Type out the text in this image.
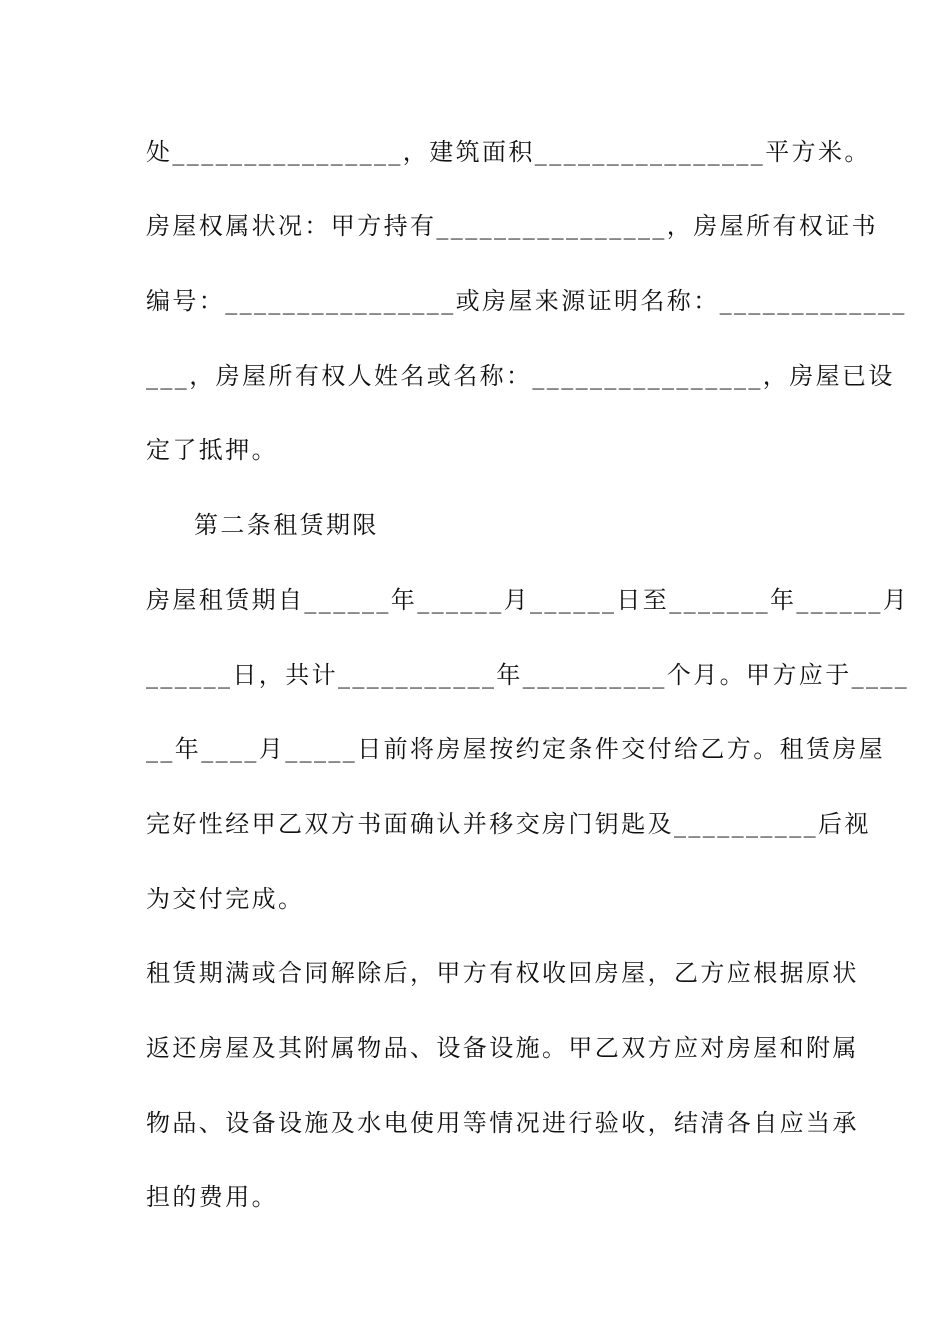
处________________，建筑面积________________平方米。
房屋权属状况：甲方持有________________，房屋所有权证书
编号：________________或房屋来源证明名称：_____________
___，房屋所有权人姓名或名称：________________，房屋已设
定了抵押。
第二条租赁期限
房屋租赁期自______年______月______日至_______年______月
______日，共计___________年__________个月。甲方应于____
__年____月_____日前将房屋按约定条件交付给乙方。租赁房屋
完好性经甲乙双方书面确认并移交房门钥匙及__________后视
为交付完成。
租赁期满或合同解除后，甲方有权收回房屋，乙方应根据原状
返还房屋及其附属物品、设备设施。甲乙双方应对房屋和附属
物品、设备设施及水电使用等情况进行验收，结清各自应当承
担的费用。
